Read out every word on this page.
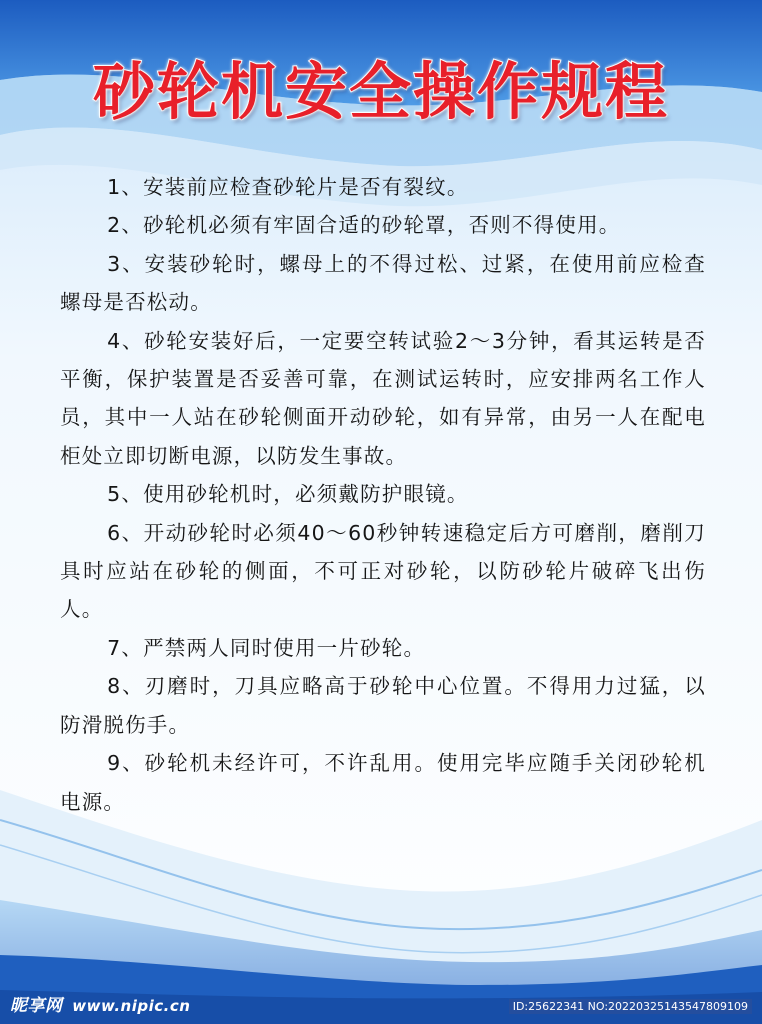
砂轮机安全操作规程

1、安装前应检查砂轮片是否有裂纹。

2、砂轮机必须有牢固合适的砂轮罩，否则不得使用。

3、安装砂轮时，螺母上的不得过松、过紧，在使用前应检查螺母是否松动。

4、砂轮安装好后，一定要空转试验2～3分钟，看其运转是否平衡，保护装置是否妥善可靠，在测试运转时，应安排两名工作人员，其中一人站在砂轮侧面开动砂轮，如有异常，由另一人在配电柜处立即切断电源，以防发生事故。

5、使用砂轮机时，必须戴防护眼镜。

6、开动砂轮时必须40～60秒钟转速稳定后方可磨削，磨削刀具时应站在砂轮的侧面，不可正对砂轮，以防砂轮片破碎飞出伤人。

7、严禁两人同时使用一片砂轮。

8、刃磨时，刀具应略高于砂轮中心位置。不得用力过猛，以防滑脱伤手。

9、砂轮机未经许可，不许乱用。使用完毕应随手关闭砂轮机电源。

昵享网 www.nipic.cn	ID:25622341 NO:20220325143547809109
